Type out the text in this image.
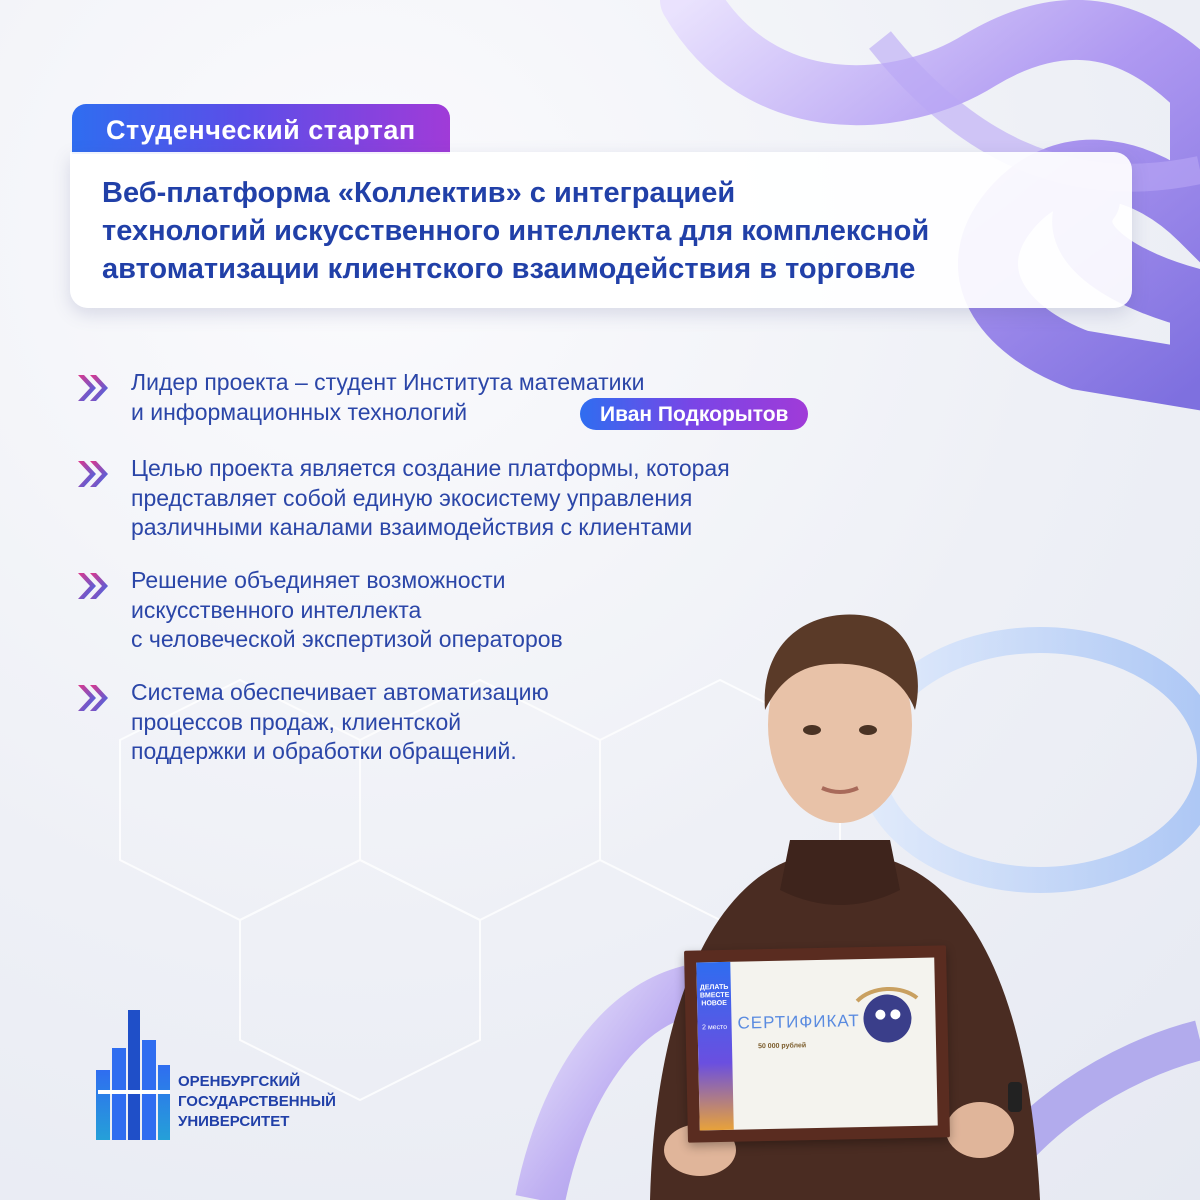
Студенческий стартап
Веб-платформа «Коллектив» с интеграцией
технологий искусственного интеллекта для комплексной
автоматизации клиентского взаимодействия в торговле

Лидер проекта – студент Института математики
и информационных технологий	Иван Подкорытов

Целью проекта является создание платформы, которая
представляет собой единую экосистему управления
различными каналами взаимодействия с клиентами

Решение объединяет возможности
искусственного интеллекта
с человеческой экспертизой операторов

Система обеспечивает автоматизацию
процессов продаж, клиентской
поддержки и обработки обращений.

ДЕЛАТЬ ВМЕСТЕ НОВОЕ
2 место СЕРТИФИКАТ
50 000 рублей

ОРЕНБУРГСКИЙ
ГОСУДАРСТВЕННЫЙ
УНИВЕРСИТЕТ
